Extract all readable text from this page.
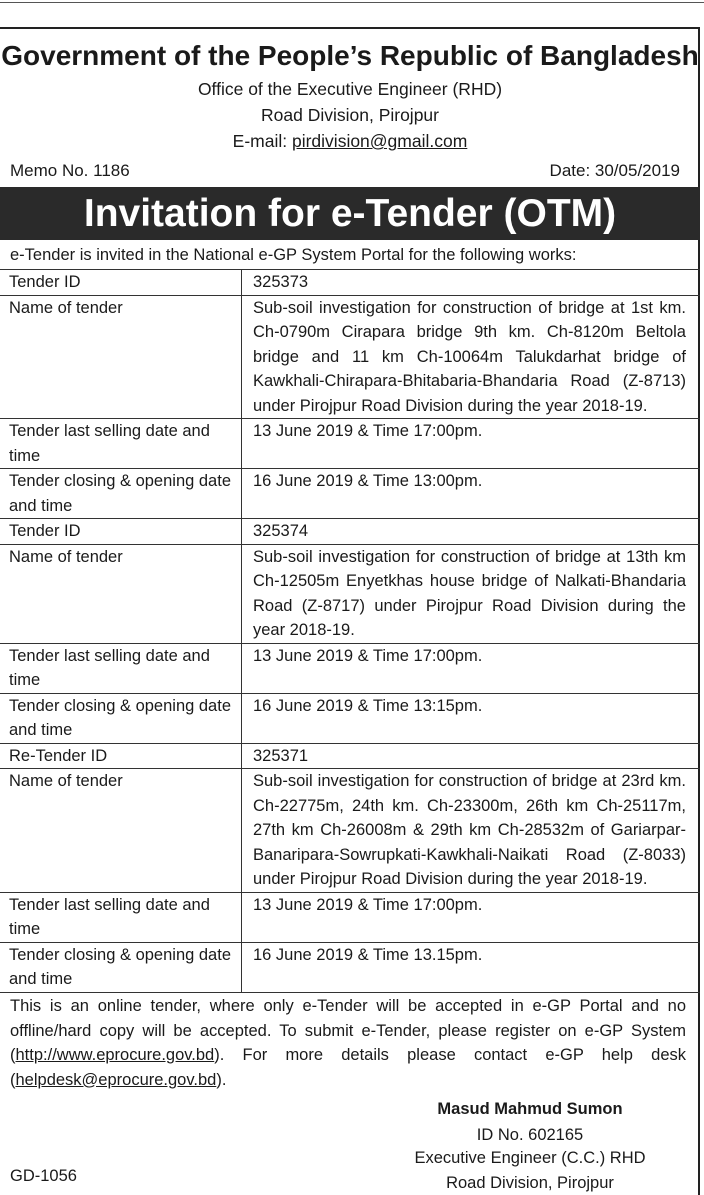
Government of the People’s Republic of Bangladesh
Office of the Executive Engineer (RHD)
Road Division, Pirojpur
E-mail: pirdivision@gmail.com
Memo No. 1186	Date: 30/05/2019
Invitation for e-Tender (OTM)
e-Tender is invited in the National e-GP System Portal for the following works:
Tender ID	325373
Name of tender	Sub-soil investigation for construction of bridge at 1st km. Ch-0790m Cirapara bridge 9th km. Ch-8120m Beltola bridge and 11 km Ch-10064m Talukdarhat bridge of Kawkhali-Chirapara-Bhitabaria-Bhandaria Road (Z-8713) under Pirojpur Road Division during the year 2018-19.
Tender last selling date and time	13 June 2019 & Time 17:00pm.
Tender closing & opening date and time	16 June 2019 & Time 13:00pm.
Tender ID	325374
Name of tender	Sub-soil investigation for construction of bridge at 13th km Ch-12505m Enyetkhas house bridge of Nalkati-Bhandaria Road (Z-8717) under Pirojpur Road Division during the year 2018-19.
Tender last selling date and time	13 June 2019 & Time 17:00pm.
Tender closing & opening date and time	16 June 2019 & Time 13:15pm.
Re-Tender ID	325371
Name of tender	Sub-soil investigation for construction of bridge at 23rd km. Ch-22775m, 24th km. Ch-23300m, 26th km Ch-25117m, 27th km Ch-26008m & 29th km Ch-28532m of Gariarpar-Banaripara-Sowrupkati-Kawkhali-Naikati Road (Z-8033) under Pirojpur Road Division during the year 2018-19.
Tender last selling date and time	13 June 2019 & Time 17:00pm.
Tender closing & opening date and time	16 June 2019 & Time 13.15pm.
This is an online tender, where only e-Tender will be accepted in e-GP Portal and no offline/hard copy will be accepted. To submit e-Tender, please register on e-GP System (http://www.eprocure.gov.bd). For more details please contact e-GP help desk (helpdesk@eprocure.gov.bd).
Masud Mahmud Sumon
ID No. 602165
Executive Engineer (C.C.) RHD
Road Division, Pirojpur
GD-1056
